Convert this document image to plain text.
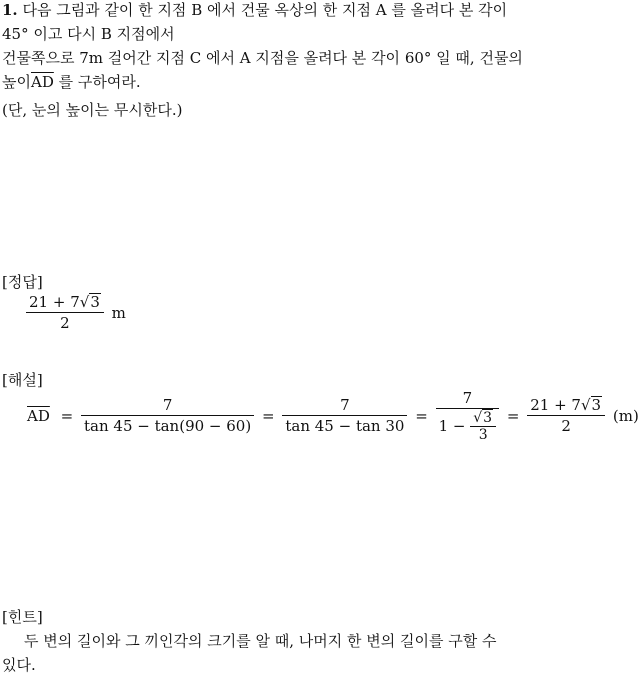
1. 다음 그림과 같이 한 지점 B 에서 건물 옥상의 한 지점 A 를 올려다 본 각이
45° 이고 다시 B 지점에서
건물쪽으로 7m 걸어간 지점 C 에서 A 지점을 올려다 본 각이 60° 일 때, 건물의
높이$\overline{AD}$ 를 구하여라.
(단, 눈의 높이는 무시한다.)
[정답]
$\frac{21 + 7√3}{2}$ m
[해설]
$\overline{AD} = \frac{7}{\tan 45 - \tan(90 - 60)} = \frac{7}{\tan 45 - \tan 30} = \frac{7}{1 - \frac{√3}{3}} = \frac{21 + 7√3}{2} (m)$
[힌트]
두 변의 길이와 그 끼인각의 크기를 알 때, 나머지 한 변의 길이를 구할 수
있다.
